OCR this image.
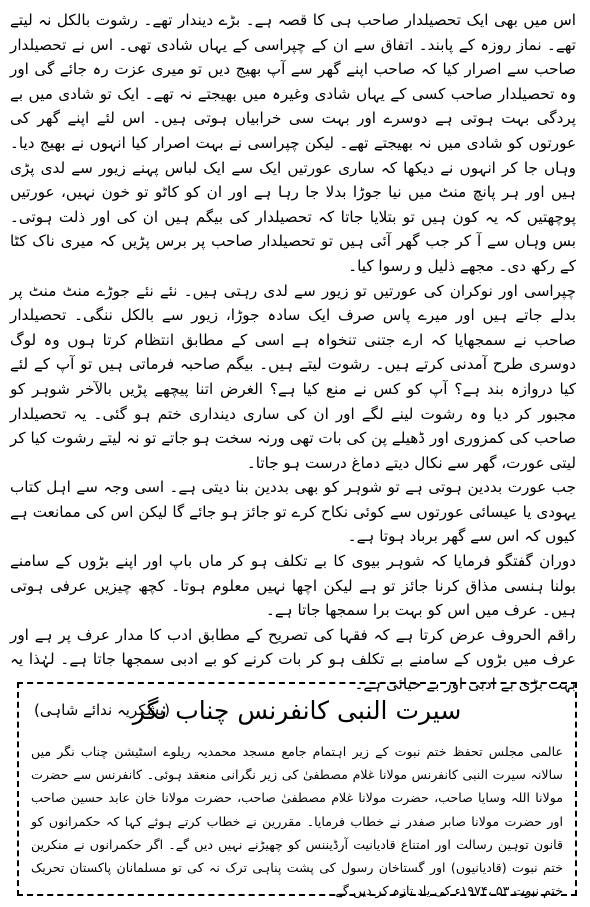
اس میں بھی ایک تحصیلدار صاحب ہی کا قصہ ہے۔ بڑے دیندار تھے۔ رشوت بالکل نہ لیتے تھے۔ نماز روزہ کے پابند۔ اتفاق سے ان کے چپراسی کے یہاں شادی تھی۔ اس نے تحصیلدار صاحب سے اصرار کیا کہ صاحب اپنے گھر سے آپ بھیج دیں تو میری عزت رہ جائے گی اور وہ تحصیلدار صاحب کسی کے یہاں شادی وغیرہ میں بھیجتے نہ تھے۔ ایک تو شادی میں بے پردگی بہت ہوتی ہے دوسرے اور بہت سی خرابیاں ہوتی ہیں۔ اس لئے اپنے گھر کی عورتوں کو شادی میں نہ بھیجتے تھے۔ لیکن چپراسی نے بہت اصرار کیا انہوں نے بھیج دیا۔ وہاں جا کر انہوں نے دیکھا کہ ساری عورتیں ایک سے ایک لباس پہنے زیور سے لدی پڑی ہیں اور ہر پانچ منٹ میں نیا جوڑا بدلا جا رہا ہے اور ان کو کاٹو تو خون نہیں، عورتیں پوچھتیں کہ یہ کون ہیں تو بتلایا جاتا کہ تحصیلدار کی بیگم ہیں ان کی اور ذلت ہوتی۔ بس وہاں سے آ کر جب گھر آئی ہیں تو تحصیلدار صاحب پر برس پڑیں کہ میری ناک کٹا کے رکھ دی۔ مجھے ذلیل و رسوا کیا۔

چپراسی اور نوکران کی عورتیں تو زیور سے لدی رہتی ہیں۔ نئے نئے جوڑے منٹ منٹ پر بدلے جاتے ہیں اور میرے پاس صرف ایک سادہ جوڑا، زیور سے بالکل ننگی۔ تحصیلدار صاحب نے سمجھایا کہ ارے جتنی تنخواہ ہے اسی کے مطابق انتظام کرتا ہوں وہ لوگ دوسری طرح آمدنی کرتے ہیں۔ رشوت لیتے ہیں۔ بیگم صاحبہ فرماتی ہیں تو آپ کے لئے کیا دروازہ بند ہے؟ آپ کو کس نے منع کیا ہے؟ الغرض اتنا پیچھے پڑیں بالآخر شوہر کو مجبور کر دیا وہ رشوت لینے لگے اور ان کی ساری دینداری ختم ہو گئی۔ یہ تحصیلدار صاحب کی کمزوری اور ڈھیلے پن کی بات تھی ورنہ سخت ہو جاتے تو نہ لیتے رشوت کیا کر لیتی عورت، گھر سے نکال دیتے دماغ درست ہو جاتا۔

جب عورت بددین ہوتی ہے تو شوہر کو بھی بددین بنا دیتی ہے۔ اسی وجہ سے اہل کتاب یہودی یا عیسائی عورتوں سے کوئی نکاح کرے تو جائز ہو جائے گا لیکن اس کی ممانعت ہے کیوں کہ اس سے گھر برباد ہوتا ہے۔

دوران گفتگو فرمایا کہ شوہر بیوی کا بے تکلف ہو کر ماں باپ اور اپنے بڑوں کے سامنے بولنا ہنسی مذاق کرنا جائز تو ہے لیکن اچھا نہیں معلوم ہوتا۔ کچھ چیزیں عرفی ہوتی ہیں۔ عرف میں اس کو بہت برا سمجھا جاتا ہے۔

راقم الحروف عرض کرتا ہے کہ فقہا کی تصریح کے مطابق ادب کا مدار عرف پر ہے اور عرف میں بڑوں کے سامنے بے تکلف ہو کر بات کرنے کو بے ادبی سمجھا جاتا ہے۔ لہٰذا یہ بہت بڑی بے ادبی اور بے حیائی ہے۔

(بشکریہ ندائے شاہی)
سیرت النبی کانفرنس چناب نگر

عالمی مجلس تحفظ ختم نبوت کے زیر اہتمام جامع مسجد محمدیہ ریلوے اسٹیشن چناب نگر میں سالانہ سیرت النبی کانفرنس مولانا غلام مصطفیٰ کی زیر نگرانی منعقد ہوئی۔ کانفرنس سے حضرت مولانا اللہ وسایا صاحب، حضرت مولانا غلام مصطفیٰ صاحب، حضرت مولانا خان عابد حسین صاحب اور حضرت مولانا صابر صفدر نے خطاب فرمایا۔ مقررین نے خطاب کرتے ہوئے کہا کہ حکمرانوں کو قانون توہین رسالت اور امتناع قادیانیت آرڈیننس کو چھیڑنے نہیں دیں گے۔ اگر حکمرانوں نے منکرین ختم نبوت (قادیانیوں) اور گستاخان رسول کی پشت پناہی ترک نہ کی تو مسلمانان پاکستان تحریک ختم نبوت ۵۳ ،۱۹۷۴ء کی یاد تازہ کر دیں گے۔
